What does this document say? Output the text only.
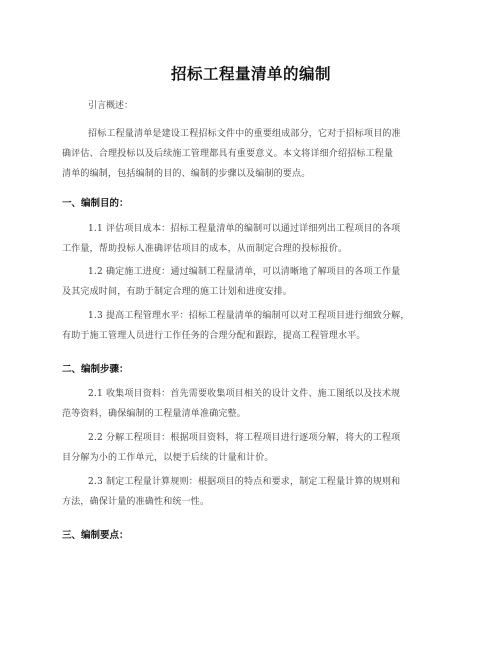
招标工程量清单的编制
引言概述：
招标工程量清单是建设工程招标文件中的重要组成部分，它对于招标项目的准
确评估、合理投标以及后续施工管理都具有重要意义。本文将详细介绍招标工程量
清单的编制，包括编制的目的、编制的步骤以及编制的要点。
一、编制目的：
1.1 评估项目成本：招标工程量清单的编制可以通过详细列出工程项目的各项
工作量，帮助投标人准确评估项目的成本，从而制定合理的投标报价。
1.2 确定施工进度：通过编制工程量清单，可以清晰地了解项目的各项工作量
及其完成时间，有助于制定合理的施工计划和进度安排。
1.3 提高工程管理水平：招标工程量清单的编制可以对工程项目进行细致分解，
有助于施工管理人员进行工作任务的合理分配和跟踪，提高工程管理水平。
二、编制步骤：
2.1 收集项目资料：首先需要收集项目相关的设计文件、施工图纸以及技术规
范等资料，确保编制的工程量清单准确完整。
2.2 分解工程项目：根据项目资料，将工程项目进行逐项分解，将大的工程项
目分解为小的工作单元，以便于后续的计量和计价。
2.3 制定工程量计算规则：根据项目的特点和要求，制定工程量计算的规则和
方法，确保计量的准确性和统一性。
三、编制要点：
